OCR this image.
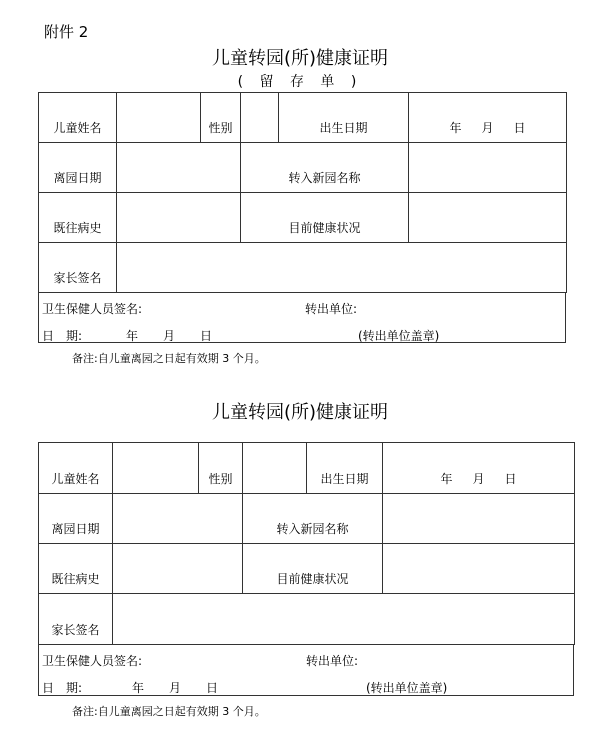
附件 2
儿童转园(所)健康证明
( 留 存 单 )
儿童姓名		性别		出生日期	年 月 日
离园日期			转入新园名称		
既往病史			目前健康状况		
家长签名					
卫生保健人员签名:	转出单位:
日　期:	年 月 日	(转出单位盖章)
备注:自儿童离园之日起有效期 3 个月。
儿童转园(所)健康证明
儿童姓名		性别		出生日期	年 月 日
离园日期			转入新园名称		
既往病史			目前健康状况		
家长签名					
卫生保健人员签名:	转出单位:
日　期:	年 月 日	(转出单位盖章)
备注:自儿童离园之日起有效期 3 个月。
